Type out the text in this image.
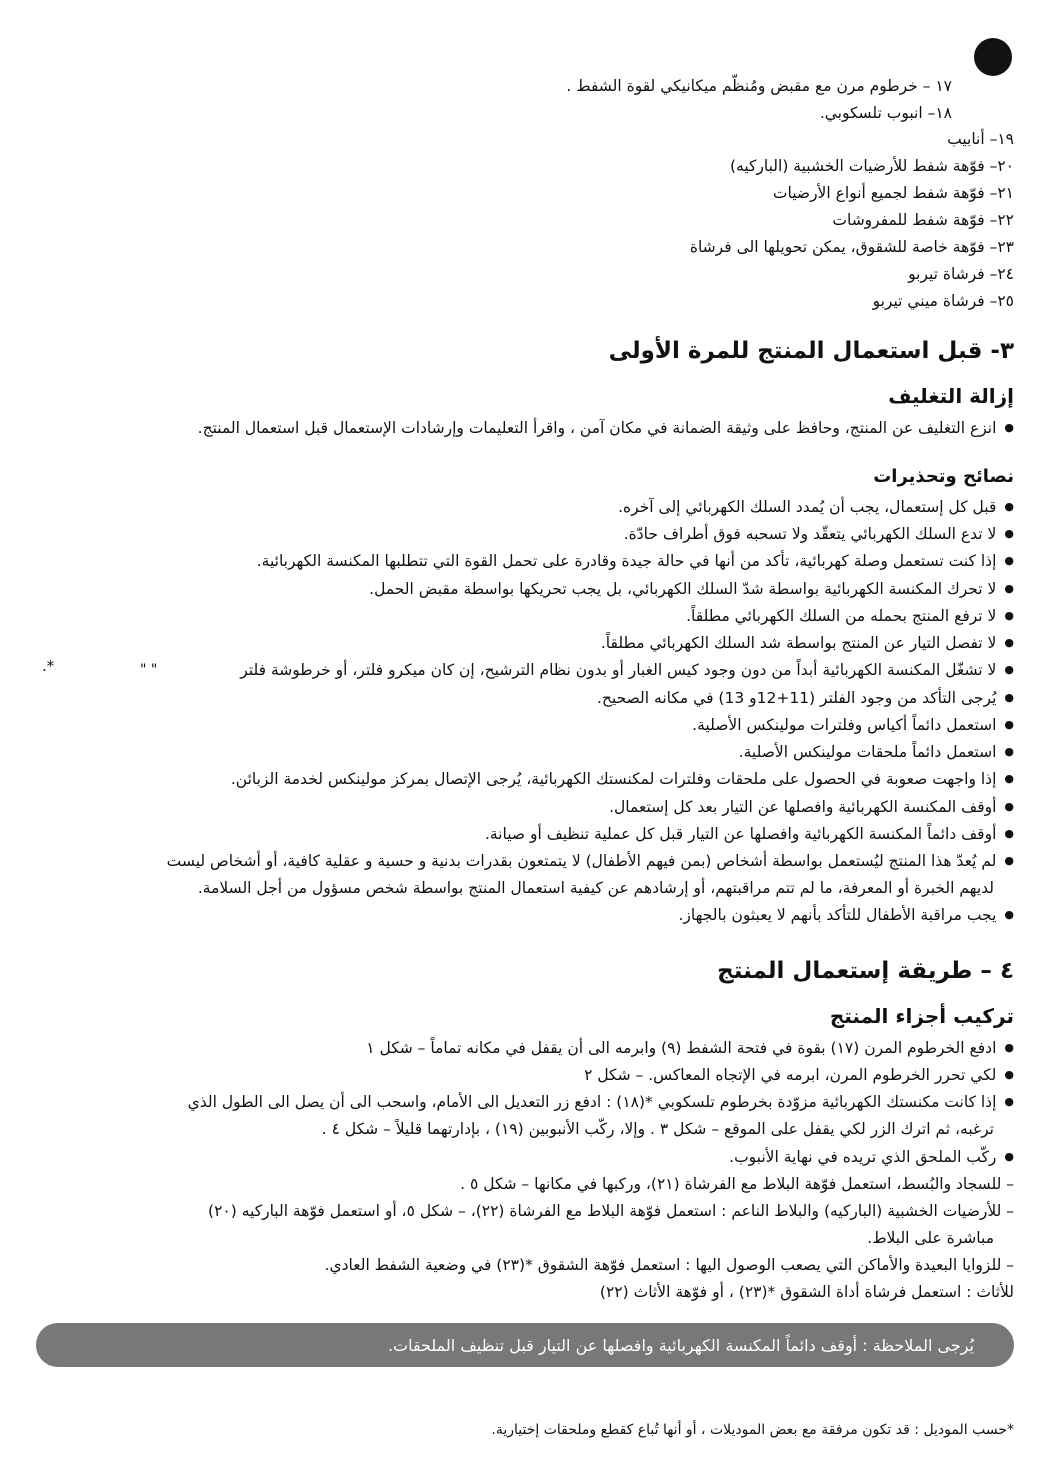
١٧ – خرطوم مرن مع مقبض ومُنظّم ميكانيكي لقوة الشفط .
١٨– انبوب تلسكوبي.
١٩– أنابيب
٢٠– فوّهة شفط للأرضيات الخشبية (الباركيه)
٢١– فوّهة شفط لجميع أنواع الأرضيات
٢٢– فوّهة شفط للمفروشات
٢٣– فوّهة خاصة للشقوق، يمكن تحويلها الى فرشاة
٢٤– فرشاة تيربو
٢٥– فرشاة ميني تيربو
٣- قبل استعمال المنتج للمرة الأولى
إزالة التغليف
● انزع التغليف عن المنتج، وحافظ على وثيقة الضمانة في مكان آمن ، واقرأ التعليمات وإرشادات الإستعمال قبل استعمال المنتج.
نصائح وتحذيرات
● قبل كل إستعمال، يجب أن يُمدد السلك الكهربائي إلى آخره.
● لا تدع السلك الكهربائي يتعقّد ولا تسحبه فوق أطراف حادّة.
● إذا كنت تستعمل وصلة كهربائية، تأكد من أنها في حالة جيدة وقادرة على تحمل القوة التي تتطلبها المكنسة الكهربائية.
● لا تحرك المكنسة الكهربائية بواسطة شدّ السلك الكهربائي، بل يجب تحريكها بواسطة مقبض الحمل.
● لا ترفع المنتج بحمله من السلك الكهربائي مطلقاً.
● لا تفصل التيار عن المنتج بواسطة شد السلك الكهربائي مطلقاً.
● لا تشغّل المكنسة الكهربائية أبداً من دون وجود كيس الغبار أو بدون نظام الترشيح، إن كان ميكرو فلتر، أو خرطوشة فلتر
" "
*.
● يُرجى التأكد من وجود الفلتر (11+12و 13) في مكانه الصحيح.
● استعمل دائماً أكياس وفلترات مولينكس الأصلية.
● استعمل دائماً ملحقات مولينكس الأصلية.
● إذا واجهت صعوبة في الحصول على ملحقات وفلترات لمكنستك الكهربائية، يُرجى الإتصال بمركز مولينكس لخدمة الزبائن.
● أوقف المكنسة الكهربائية وافصلها عن التيار بعد كل إستعمال.
● أوقف دائماً المكنسة الكهربائية وافصلها عن التيار قبل كل عملية تنظيف أو صيانة.
● لم يُعدّ هذا المنتج ليُستعمل بواسطة أشخاص (بمن فيهم الأطفال) لا يتمتعون بقدرات بدنية و حسية و عقلية كافية، أو أشخاص ليست
لديهم الخبرة أو المعرفة، ما لم تتم مراقبتهم، أو إرشادهم عن كيفية استعمال المنتج بواسطة شخص مسؤول من أجل السلامة.
● يجب مراقبة الأطفال للتأكد بأنهم لا يعبثون بالجهاز.
٤ – طريقة إستعمال المنتج
تركيب أجزاء المنتج
● ادفع الخرطوم المرن (١٧) بقوة في فتحة الشفط (٩) وابرمه الى أن يقفل في مكانه تماماً – شكل ١
● لكي تحرر الخرطوم المرن، ابرمه في الإتجاه المعاكس. – شكل ٢
● إذا كانت مكنستك الكهربائية مزوّدة بخرطوم تلسكوبي *(١٨) : ادفع زر التعديل الى الأمام، واسحب الى أن يصل الى الطول الذي
ترغبه، ثم اترك الزر لكي يقفل على الموقع – شكل ٣ . وإلا، ركّب الأنبوبين (١٩) ، بإدارتهما قليلاً – شكل ٤ .
● ركّب الملحق الذي تريده في نهاية الأنبوب.
– للسجاد والبُسط، استعمل فوّهة البلاط مع الفرشاة (٢١)، وركبها في مكانها – شكل ٥ .
– للأرضيات الخشبية (الباركيه) والبلاط الناعم : استعمل فوّهة البلاط مع الفرشاة (٢٢)، – شكل ٥، أو استعمل فوّهة الباركيه (٢٠)
مباشرة على البلاط.
– للزوايا البعيدة والأماكن التي يصعب الوصول اليها : استعمل فوّهة الشقوق *(٢٣) في وضعية الشفط العادي.
للأثاث : استعمل فرشاة أداة الشقوق *(٢٣) ، أو فوّهة الأثاث (٢٢)
يُرجى الملاحظة : أوقف دائماً المكنسة الكهربائية وافصلها عن التيار قبل تنظيف الملحقات.
*حسب الموديل : قد تكون مرفقة مع بعض الموديلات ، أو أنها تُباع كقطع وملحقات إختيارية.
